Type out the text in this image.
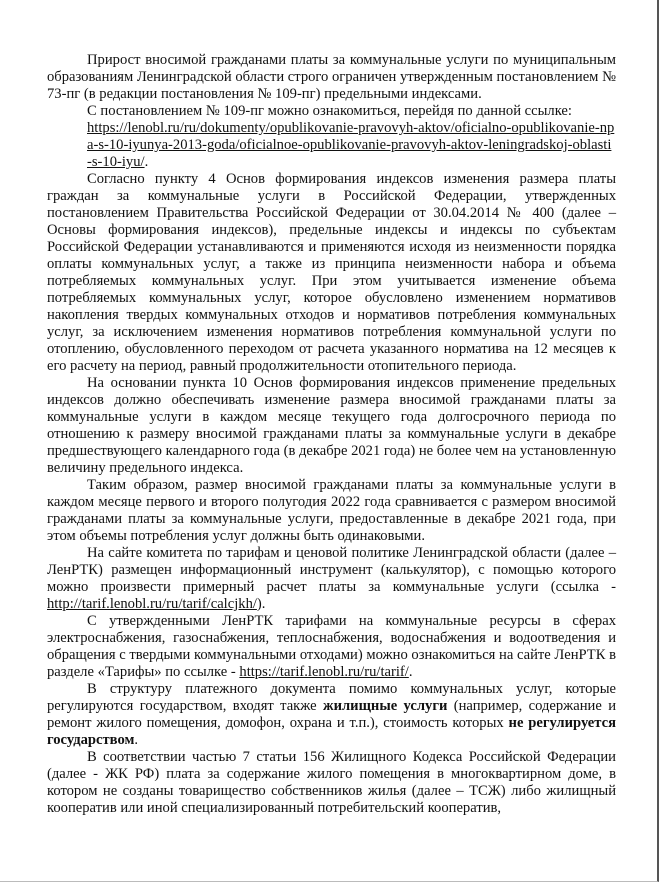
Прирост вносимой гражданами платы за коммунальные услуги по муниципальным образованиям Ленинградской области строго ограничен утвержденным постановлением № 73-пг (в редакции постановления № 109-пг) предельными индексами.

С постановлением № 109-пг можно ознакомиться, перейдя по данной ссылке:

https://lenobl.ru/ru/dokumenty/opublikovanie-pravovyh-aktov/oficialno-opublikovanie-npa-s-10-iyunya-2013-goda/oficialnoe-opublikovanie-pravovyh-aktov-leningradskoj-oblasti-s-10-iyu/.

Согласно пункту 4 Основ формирования индексов изменения размера платы граждан за коммунальные услуги в Российской Федерации, утвержденных постановлением Правительства Российской Федерации от 30.04.2014 № 400 (далее – Основы формирования индексов), предельные индексы и индексы по субъектам Российской Федерации устанавливаются и применяются исходя из неизменности порядка оплаты коммунальных услуг, а также из принципа неизменности набора и объема потребляемых коммунальных услуг. При этом учитывается изменение объема потребляемых коммунальных услуг, которое обусловлено изменением нормативов накопления твердых коммунальных отходов и нормативов потребления коммунальных услуг, за исключением изменения нормативов потребления коммунальной услуги по отоплению, обусловленного переходом от расчета указанного норматива на 12 месяцев к его расчету на период, равный продолжительности отопительного периода.

На основании пункта 10 Основ формирования индексов применение предельных индексов должно обеспечивать изменение размера вносимой гражданами платы за коммунальные услуги в каждом месяце текущего года долгосрочного периода по отношению к размеру вносимой гражданами платы за коммунальные услуги в декабре предшествующего календарного года (в декабре 2021 года) не более чем на установленную величину предельного индекса.

Таким образом, размер вносимой гражданами платы за коммунальные услуги в каждом месяце первого и второго полугодия 2022 года сравнивается с размером вносимой гражданами платы за коммунальные услуги, предоставленные в декабре 2021 года, при этом объемы потребления услуг должны быть одинаковыми.

На сайте комитета по тарифам и ценовой политике Ленинградской области (далее – ЛенРТК) размещен информационный инструмент (калькулятор), с помощью которого можно произвести примерный расчет платы за коммунальные услуги (ссылка - http://tarif.lenobl.ru/ru/tarif/calcjkh/).

С утвержденными ЛенРТК тарифами на коммунальные ресурсы в сферах электроснабжения, газоснабжения, теплоснабжения, водоснабжения и водоотведения и обращения с твердыми коммунальными отходами) можно ознакомиться на сайте ЛенРТК в разделе «Тарифы» по ссылке - https://tarif.lenobl.ru/ru/tarif/.

В структуру платежного документа помимо коммунальных услуг, которые регулируются государством, входят также жилищные услуги (например, содержание и ремонт жилого помещения, домофон, охрана и т.п.), стоимость которых не регулируется государством.

В соответствии частью 7 статьи 156 Жилищного Кодекса Российской Федерации (далее - ЖК РФ) плата за содержание жилого помещения в многоквартирном доме, в котором не созданы товарищество собственников жилья (далее – ТСЖ) либо жилищный кооператив или иной специализированный потребительский кооператив,
